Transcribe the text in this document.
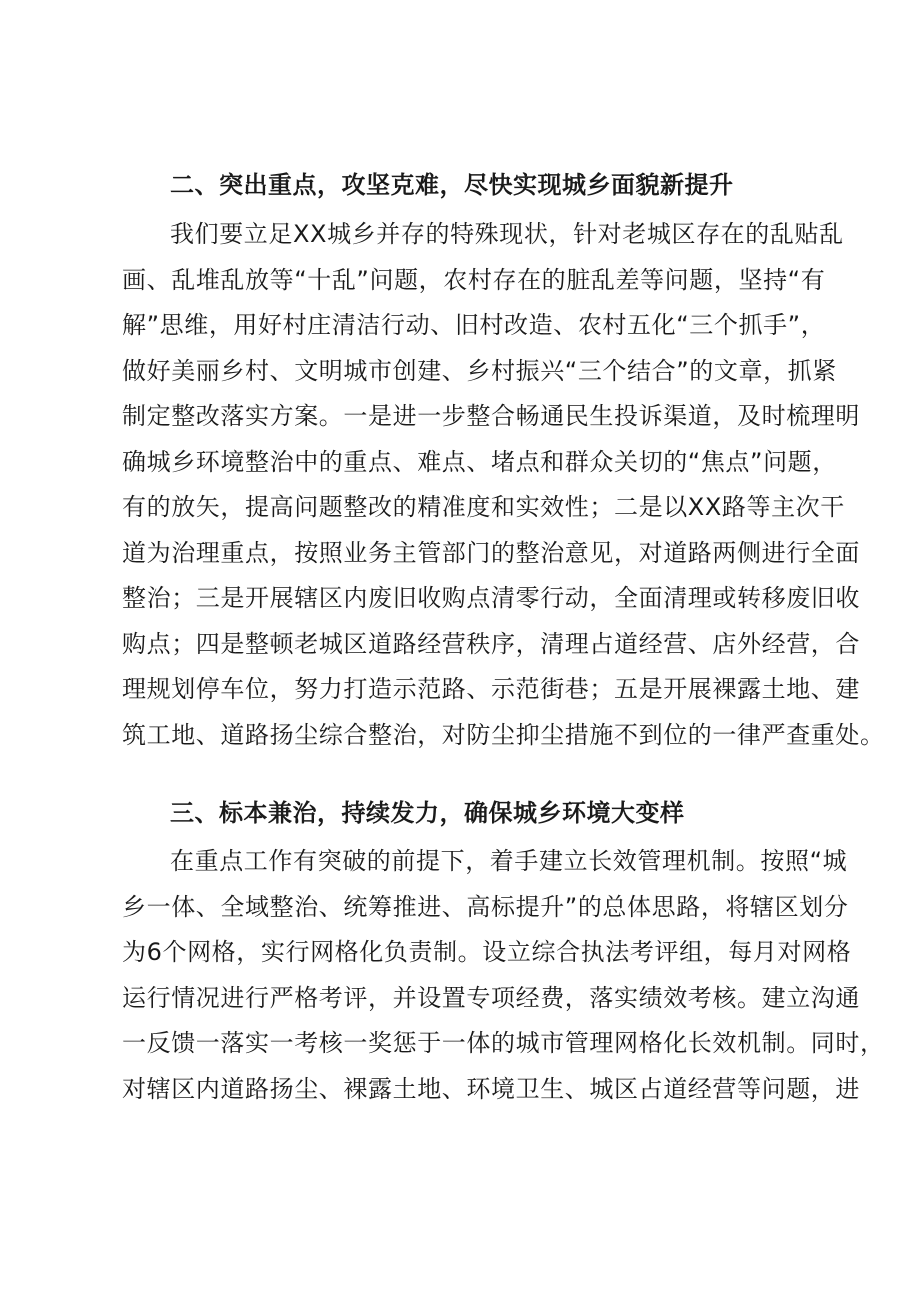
二、突出重点，攻坚克难，尽快实现城乡面貌新提升
我们要立足XX城乡并存的特殊现状，针对老城区存在的乱贴乱
画、乱堆乱放等“十乱”问题，农村存在的脏乱差等问题，坚持“有
解”思维，用好村庄清洁行动、旧村改造、农村五化“三个抓手”，
做好美丽乡村、文明城市创建、乡村振兴“三个结合”的文章，抓紧
制定整改落实方案。一是进一步整合畅通民生投诉渠道，及时梳理明
确城乡环境整治中的重点、难点、堵点和群众关切的“焦点”问题，
有的放矢，提高问题整改的精准度和实效性；二是以XX路等主次干
道为治理重点，按照业务主管部门的整治意见，对道路两侧进行全面
整治；三是开展辖区内废旧收购点清零行动，全面清理或转移废旧收
购点；四是整顿老城区道路经营秩序，清理占道经营、店外经营，合
理规划停车位，努力打造示范路、示范街巷；五是开展裸露土地、建
筑工地、道路扬尘综合整治，对防尘抑尘措施不到位的一律严查重处。
三、标本兼治，持续发力，确保城乡环境大变样
在重点工作有突破的前提下，着手建立长效管理机制。按照“城
乡一体、全域整治、统筹推进、高标提升”的总体思路，将辖区划分
为6个网格，实行网格化负责制。设立综合执法考评组，每月对网格
运行情况进行严格考评，并设置专项经费，落实绩效考核。建立沟通
一反馈一落实一考核一奖惩于一体的城市管理网格化长效机制。同时，
对辖区内道路扬尘、裸露土地、环境卫生、城区占道经营等问题，进
